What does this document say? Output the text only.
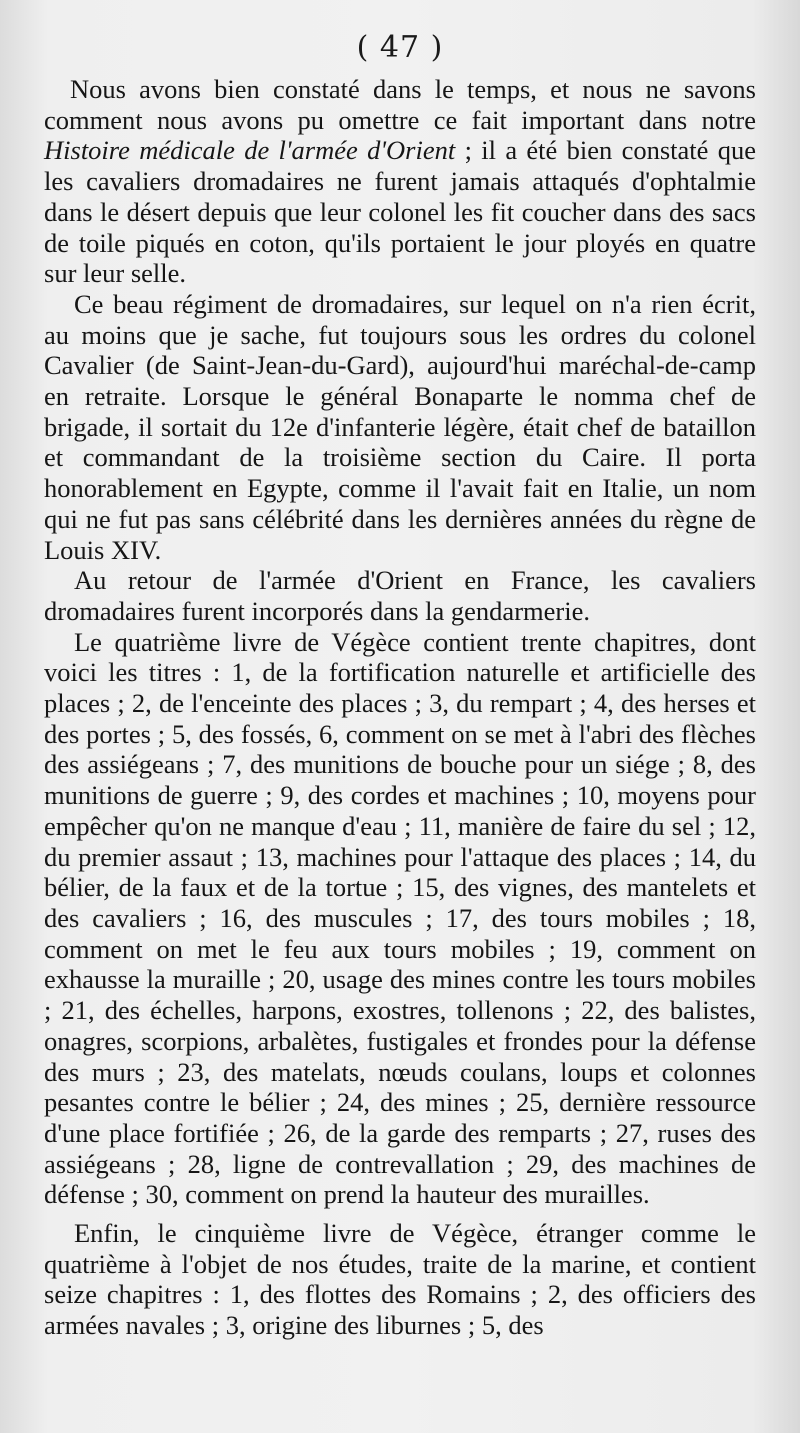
( 47 )

Nous avons bien constaté dans le temps, et nous ne savons comment nous avons pu omettre ce fait important dans notre Histoire médicale de l'armée d'Orient ; il a été bien constaté que les cavaliers dromadaires ne furent jamais attaqués d'ophtalmie dans le désert depuis que leur colonel les fit coucher dans des sacs de toile piqués en coton, qu'ils portaient le jour ployés en quatre sur leur selle.

Ce beau régiment de dromadaires, sur lequel on n'a rien écrit, au moins que je sache, fut toujours sous les ordres du colonel Cavalier (de Saint-Jean-du-Gard), aujourd'hui maréchal-de-camp en retraite. Lorsque le général Bonaparte le nomma chef de brigade, il sortait du 12e d'infanterie légère, était chef de bataillon et commandant de la troisième section du Caire. Il porta honorablement en Egypte, comme il l'avait fait en Italie, un nom qui ne fut pas sans célébrité dans les dernières années du règne de Louis XIV.

Au retour de l'armée d'Orient en France, les cavaliers dromadaires furent incorporés dans la gendarmerie.

Le quatrième livre de Végèce contient trente chapitres, dont voici les titres : 1, de la fortification naturelle et artificielle des places ; 2, de l'enceinte des places ; 3, du rempart ; 4, des herses et des portes ; 5, des fossés, 6, comment on se met à l'abri des flèches des assiégeans ; 7, des munitions de bouche pour un siége ; 8, des munitions de guerre ; 9, des cordes et machines ; 10, moyens pour empêcher qu'on ne manque d'eau ; 11, manière de faire du sel ; 12, du premier assaut ; 13, machines pour l'attaque des places ; 14, du bélier, de la faux et de la tortue ; 15, des vignes, des mantelets et des cavaliers ; 16, des muscules ; 17, des tours mobiles ; 18, comment on met le feu aux tours mobiles ; 19, comment on exhausse la muraille ; 20, usage des mines contre les tours mobiles ; 21, des échelles, harpons, exostres, tollenons ; 22, des balistes, onagres, scorpions, arbalètes, fustigales et frondes pour la défense des murs ; 23, des matelats, nœuds coulans, loups et colonnes pesantes contre le bélier ; 24, des mines ; 25, dernière ressource d'une place fortifiée ; 26, de la garde des remparts ; 27, ruses des assiégeans ; 28, ligne de contrevallation ; 29, des machines de défense ; 30, comment on prend la hauteur des murailles.

Enfin, le cinquième livre de Végèce, étranger comme le quatrième à l'objet de nos études, traite de la marine, et contient seize chapitres : 1, des flottes des Romains ; 2, des officiers des armées navales ; 3, origine des liburnes ; 5, des
